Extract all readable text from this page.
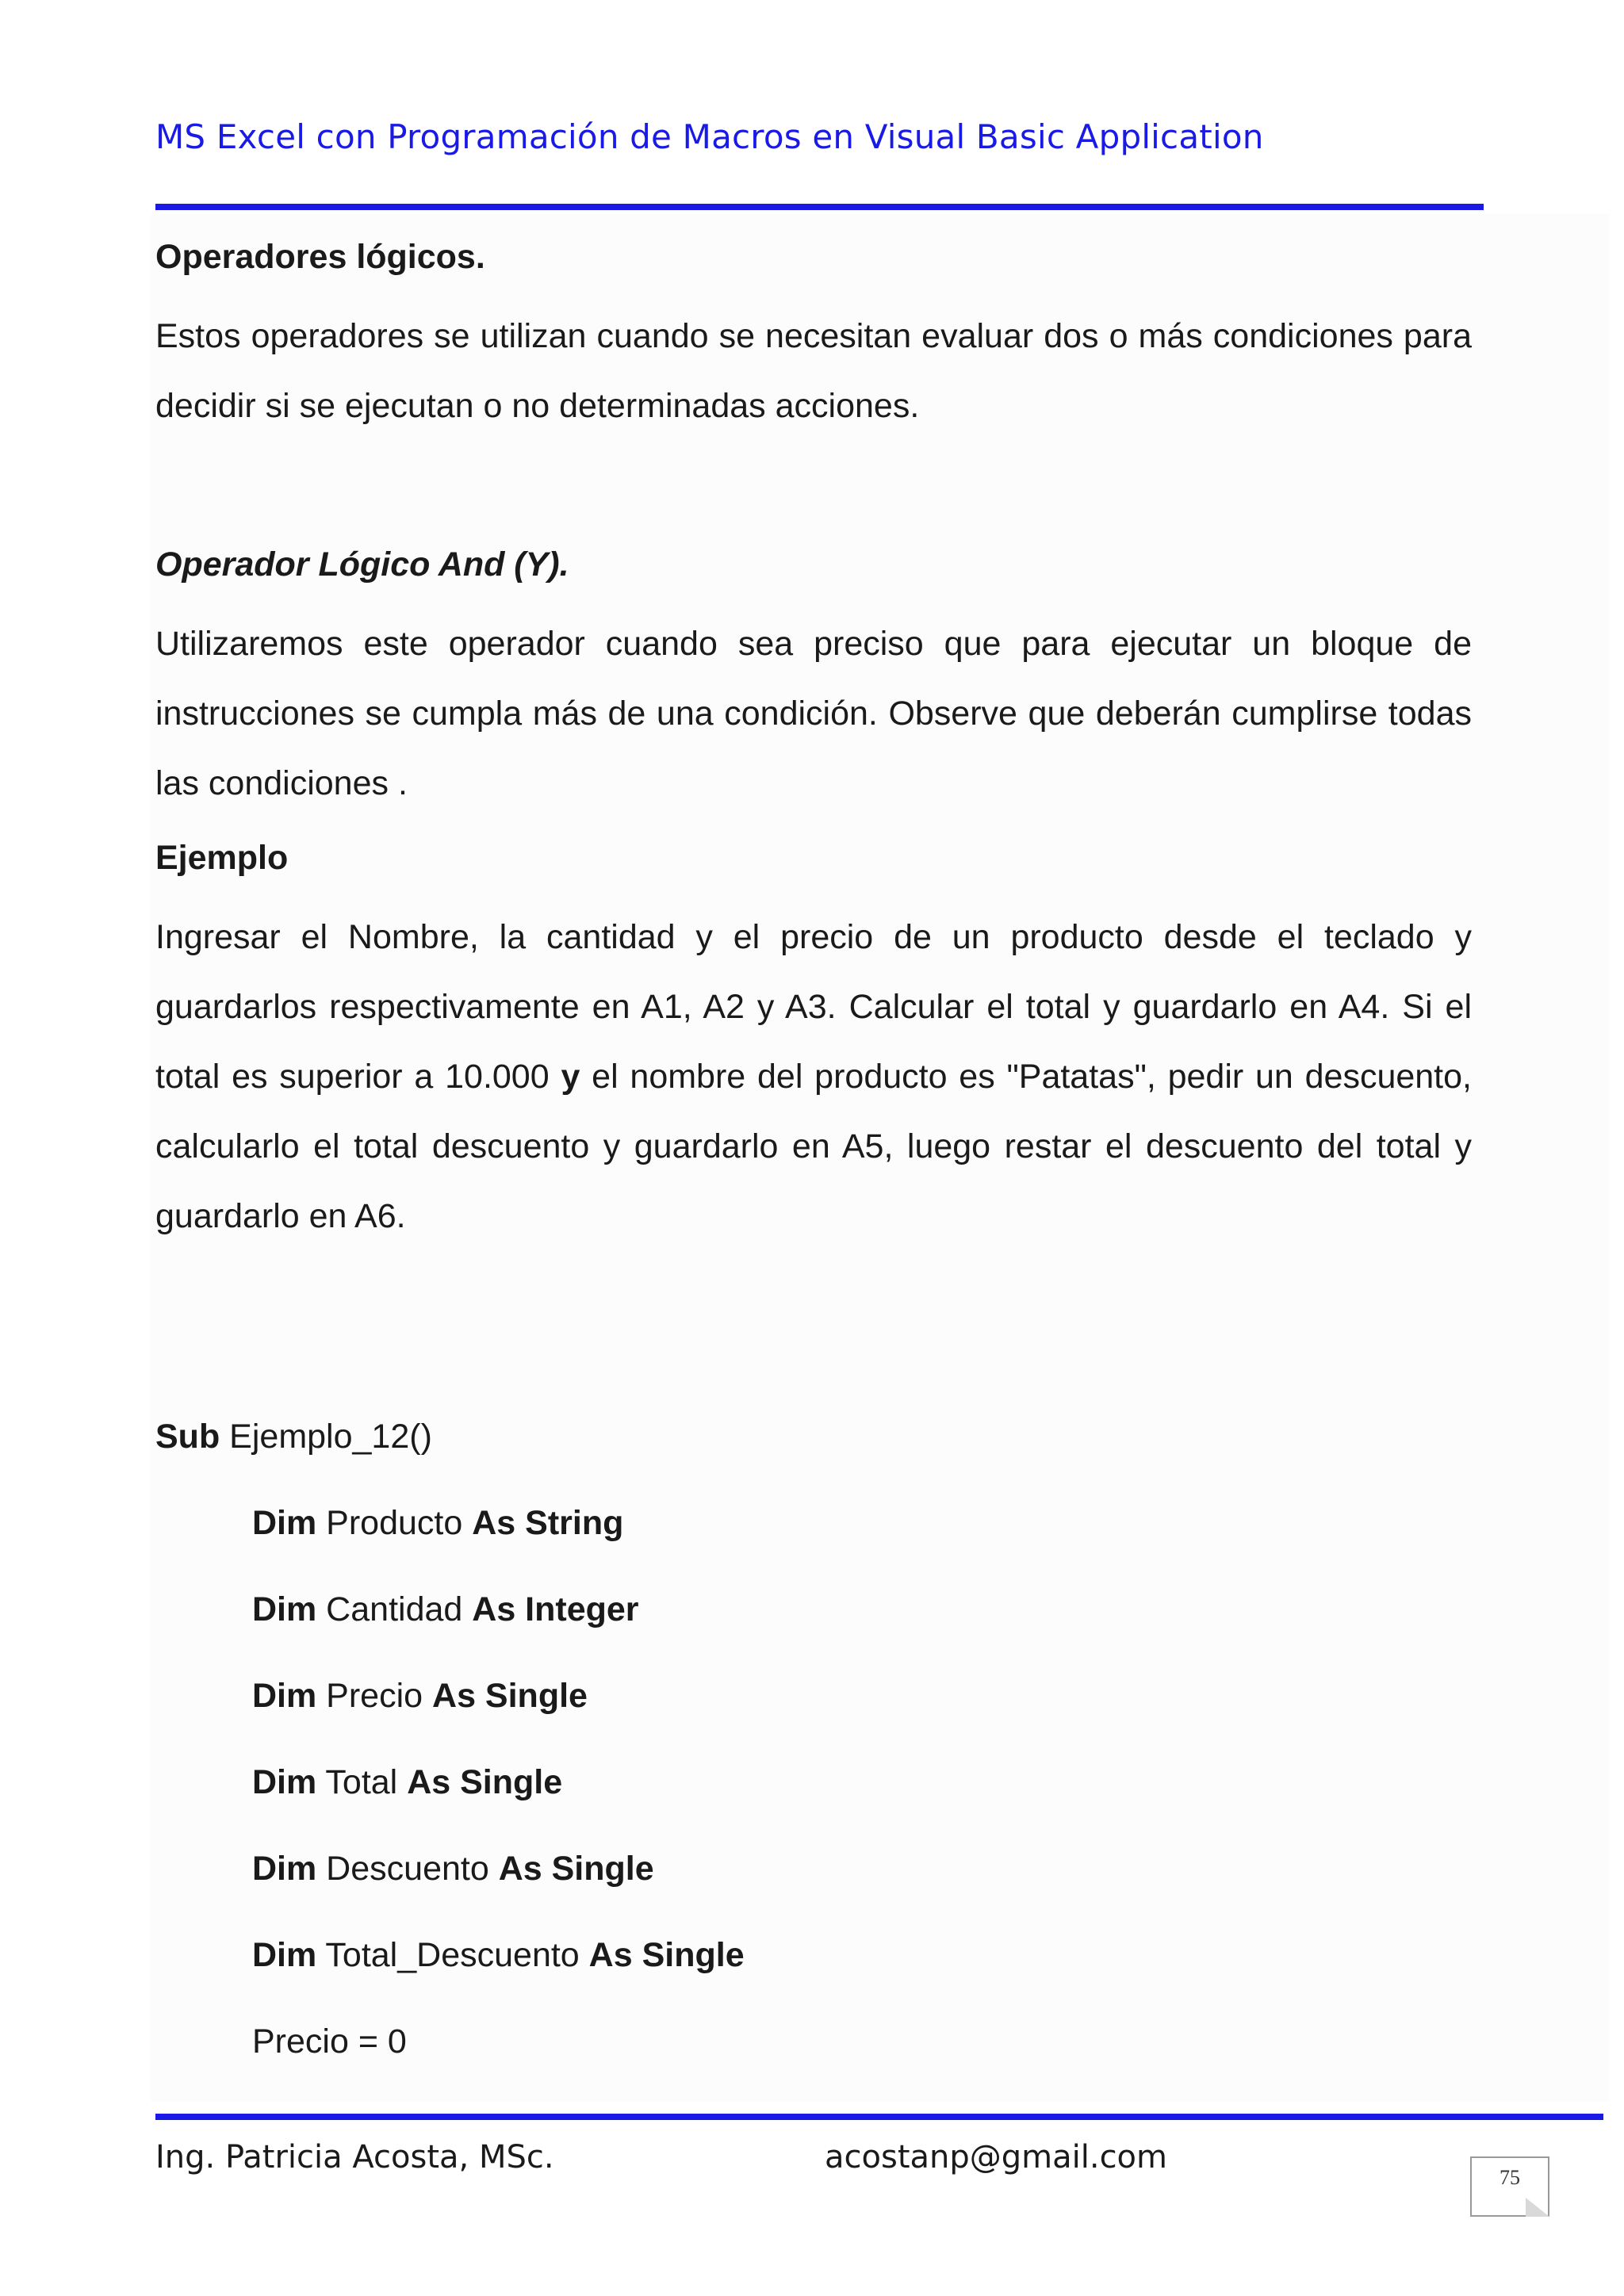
MS Excel con Programación de Macros en Visual Basic Application
Operadores lógicos.

Estos operadores se utilizan cuando se necesitan evaluar dos o más condiciones para decidir si se ejecutan o no determinadas acciones.

Operador Lógico And (Y).

Utilizaremos este operador cuando sea preciso que para ejecutar un bloque de instrucciones se cumpla más de una condición. Observe que deberán cumplirse todas las condiciones .

Ejemplo

Ingresar el Nombre, la cantidad y el precio de un producto desde el teclado y guardarlos respectivamente en A1, A2 y A3. Calcular el total y guardarlo en A4. Si el total es superior a 10.000 y el nombre del producto es "Patatas", pedir un descuento, calcularlo el total descuento y guardarlo en A5, luego restar el descuento del total y guardarlo en A6.

Sub Ejemplo_12()
Dim Producto As String
Dim Cantidad As Integer
Dim Precio As Single
Dim Total As Single
Dim Descuento As Single
Dim Total_Descuento As Single
Precio = 0
Ing. Patricia Acosta, MSc.	acostanp@gmail.com
75
